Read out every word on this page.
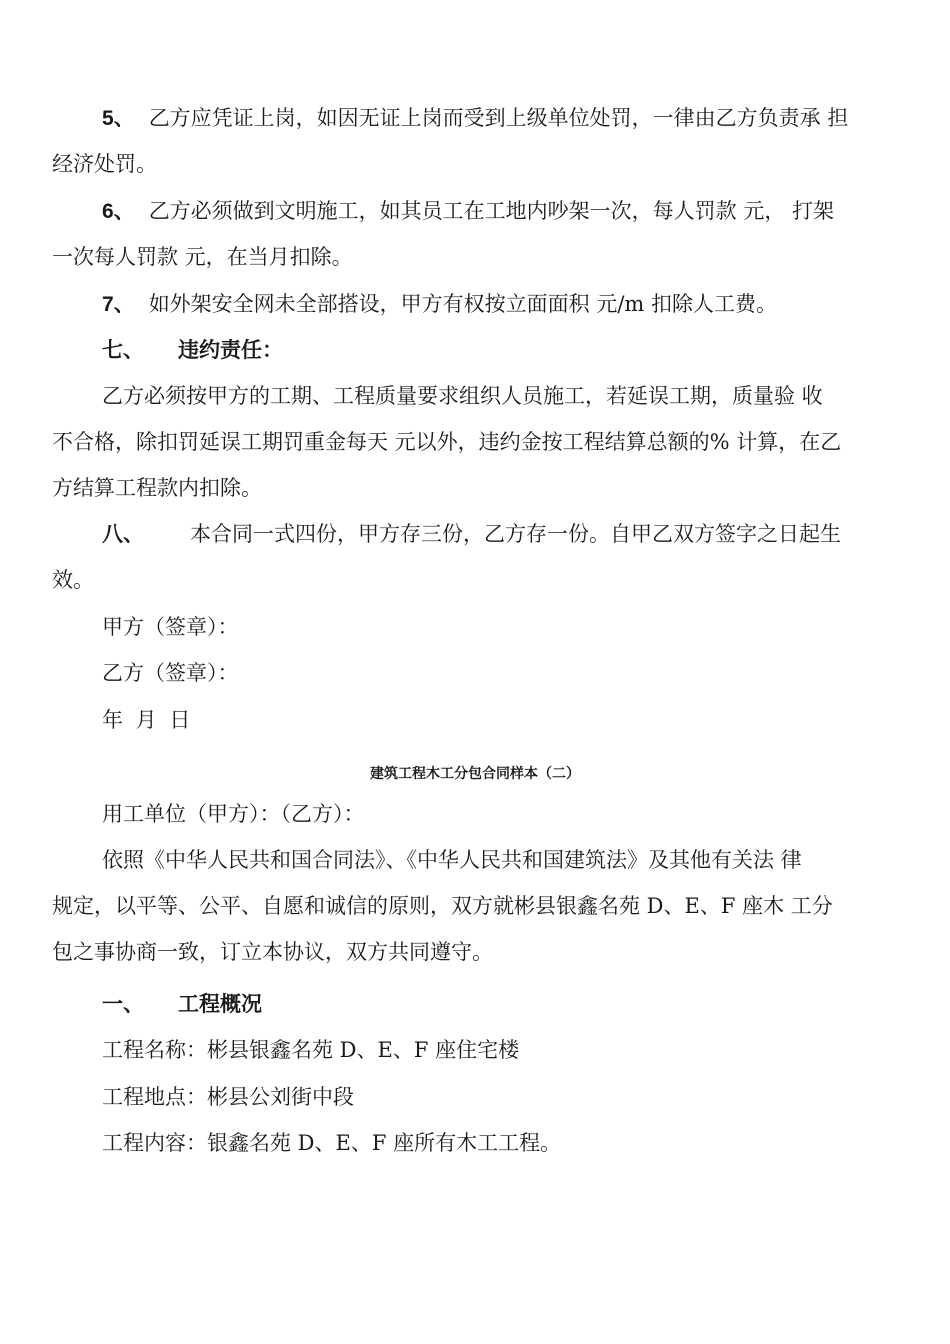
5、 乙方应凭证上岗，如因无证上岗而受到上级单位处罚，一律由乙方负责承 担
经济处罚。
6、 乙方必须做到文明施工，如其员工在工地内吵架一次，每人罚款 元， 打架
一次每人罚款 元，在当月扣除。
7、 如外架安全网未全部搭设，甲方有权按立面面积 元/m 扣除人工费。
七、 违约责任：
乙方必须按甲方的工期、工程质量要求组织人员施工，若延误工期，质量验 收
不合格，除扣罚延误工期罚重金每天 元以外，违约金按工程结算总额的% 计算，在乙
方结算工程款内扣除。
八、 本合同一式四份，甲方存三份，乙方存一份。自甲乙双方签字之日起生
效。
甲方（签章）：
乙方（签章）：
年 月 日
建筑工程木工分包合同样本（二）
用工单位（甲方）：（乙方）：
依照《中华人民共和国合同法》、《中华人民共和国建筑法》及其他有关法 律
规定，以平等、公平、自愿和诚信的原则，双方就彬县银鑫名苑 D、E、F 座木 工分
包之事协商一致，订立本协议，双方共同遵守。
一、 工程概况
工程名称：彬县银鑫名苑 D、E、F 座住宅楼
工程地点：彬县公刘街中段
工程内容：银鑫名苑 D、E、F 座所有木工工程。
